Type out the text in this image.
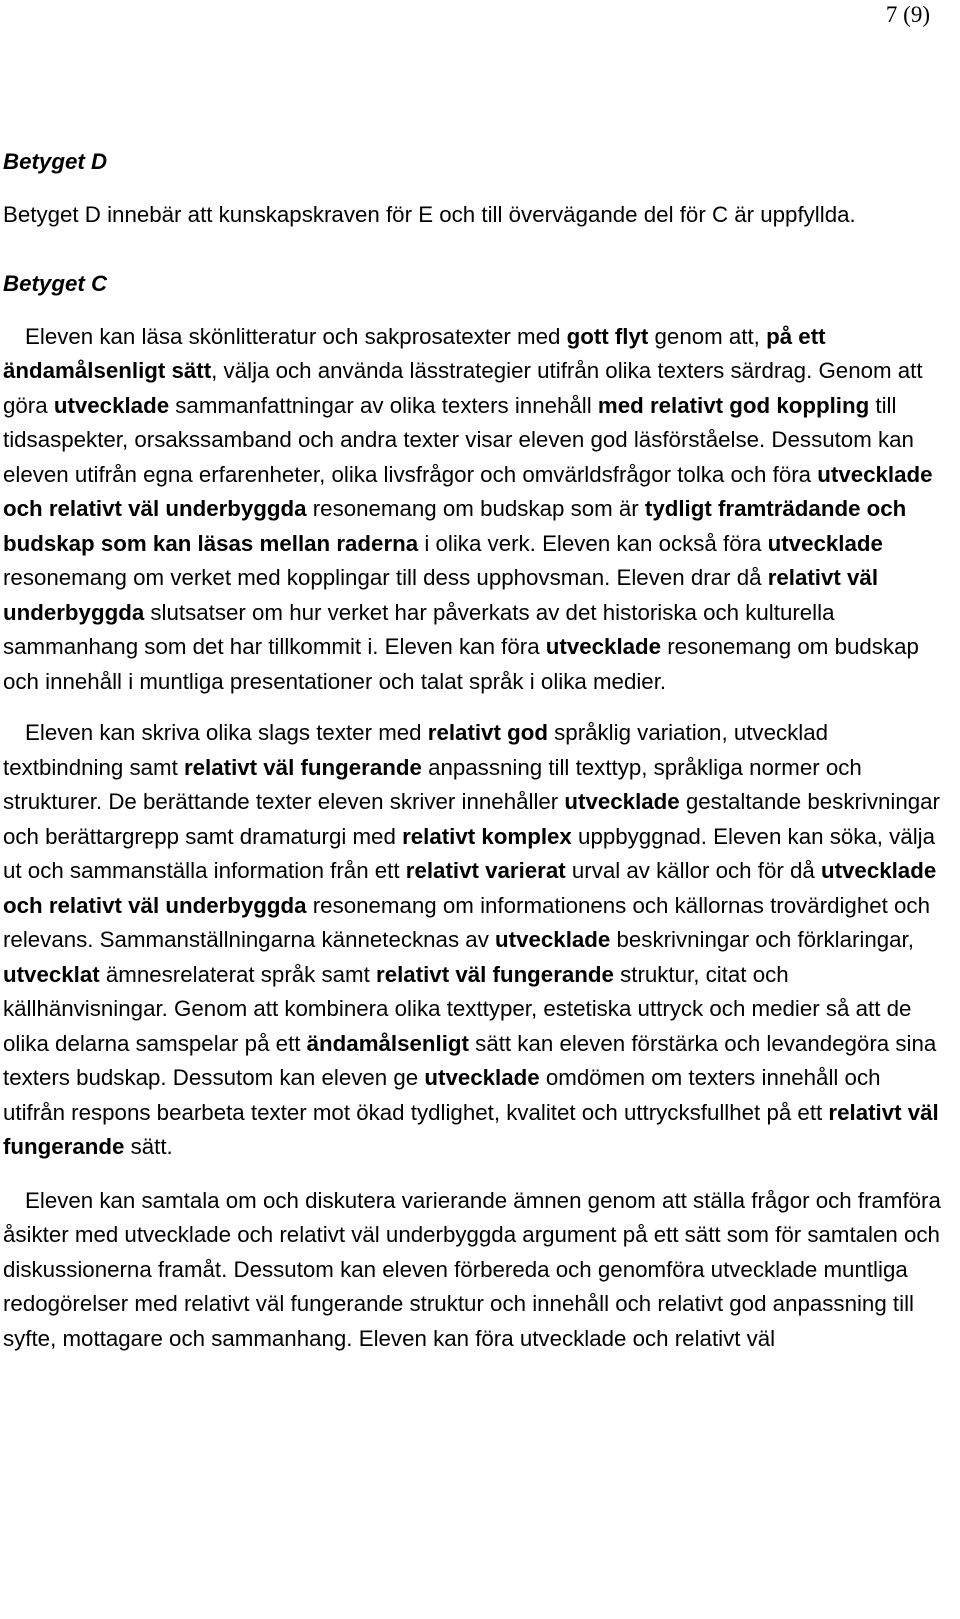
7 (9)
Betyget D

Betyget D innebär att kunskapskraven för E och till övervägande del för C är uppfyllda.

Betyget C

Eleven kan läsa skönlitteratur och sakprosatexter med gott flyt genom att, på ett ändamålsenligt sätt, välja och använda lässtrategier utifrån olika texters särdrag. Genom att göra utvecklade sammanfattningar av olika texters innehåll med relativt god koppling till tidsaspekter, orsakssamband och andra texter visar eleven god läsförståelse. Dessutom kan eleven utifrån egna erfarenheter, olika livsfrågor och omvärldsfrågor tolka och föra utvecklade och relativt väl underbyggda resonemang om budskap som är tydligt framträdande och budskap som kan läsas mellan raderna i olika verk. Eleven kan också föra utvecklade resonemang om verket med kopplingar till dess upphovsman. Eleven drar då relativt väl underbyggda slutsatser om hur verket har påverkats av det historiska och kulturella sammanhang som det har tillkommit i. Eleven kan föra utvecklade resonemang om budskap och innehåll i muntliga presentationer och talat språk i olika medier.

Eleven kan skriva olika slags texter med relativt god språklig variation, utvecklad textbindning samt relativt väl fungerande anpassning till texttyp, språkliga normer och strukturer. De berättande texter eleven skriver innehåller utvecklade gestaltande beskrivningar och berättargrepp samt dramaturgi med relativt komplex uppbyggnad. Eleven kan söka, välja ut och sammanställa information från ett relativt varierat urval av källor och för då utvecklade och relativt väl underbyggda resonemang om informationens och källornas trovärdighet och relevans. Sammanställningarna kännetecknas av utvecklade beskrivningar och förklaringar, utvecklat ämnesrelaterat språk samt relativt väl fungerande struktur, citat och källhänvisningar. Genom att kombinera olika texttyper, estetiska uttryck och medier så att de olika delarna samspelar på ett ändamålsenligt sätt kan eleven förstärka och levandegöra sina texters budskap. Dessutom kan eleven ge utvecklade omdömen om texters innehåll och utifrån respons bearbeta texter mot ökad tydlighet, kvalitet och uttrycksfullhet på ett relativt väl fungerande sätt.

Eleven kan samtala om och diskutera varierande ämnen genom att ställa frågor och framföra åsikter med utvecklade och relativt väl underbyggda argument på ett sätt som för samtalen och diskussionerna framåt. Dessutom kan eleven förbereda och genomföra utvecklade muntliga redogörelser med relativt väl fungerande struktur och innehåll och relativt god anpassning till syfte, mottagare och sammanhang. Eleven kan föra utvecklade och relativt väl
